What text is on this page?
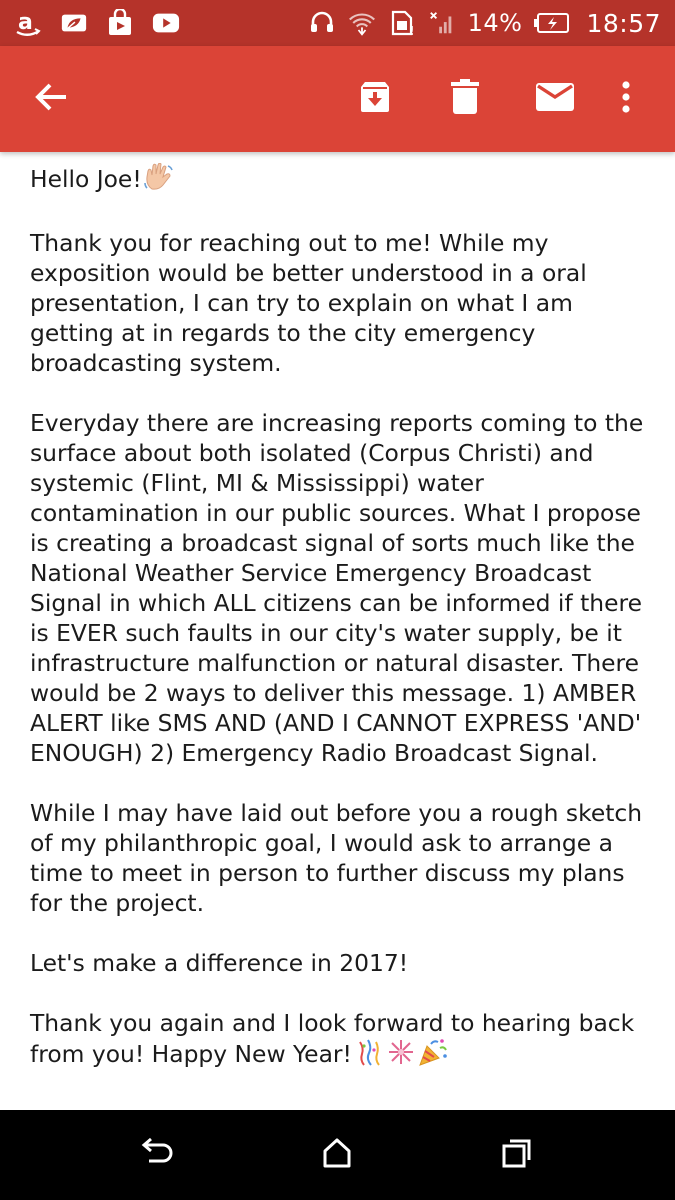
a	! 14%	18:57

Hello Joe!

Thank you for reaching out to me! While my exposition would be better understood in a oral presentation, I can try to explain on what I am getting at in regards to the city emergency broadcasting system.

Everyday there are increasing reports coming to the surface about both isolated (Corpus Christi) and systemic (Flint, MI & Mississippi) water contamination in our public sources. What I propose is creating a broadcast signal of sorts much like the National Weather Service Emergency Broadcast Signal in which ALL citizens can be informed if there is EVER such faults in our city's water supply, be it infrastructure malfunction or natural disaster. There would be 2 ways to deliver this message. 1) AMBER ALERT like SMS AND (AND I CANNOT EXPRESS 'AND' ENOUGH) 2) Emergency Radio Broadcast Signal.

While I may have laid out before you a rough sketch of my philanthropic goal, I would ask to arrange a time to meet in person to further discuss my plans for the project.

Let's make a difference in 2017!

Thank you again and I look forward to hearing back from you! Happy New Year!
